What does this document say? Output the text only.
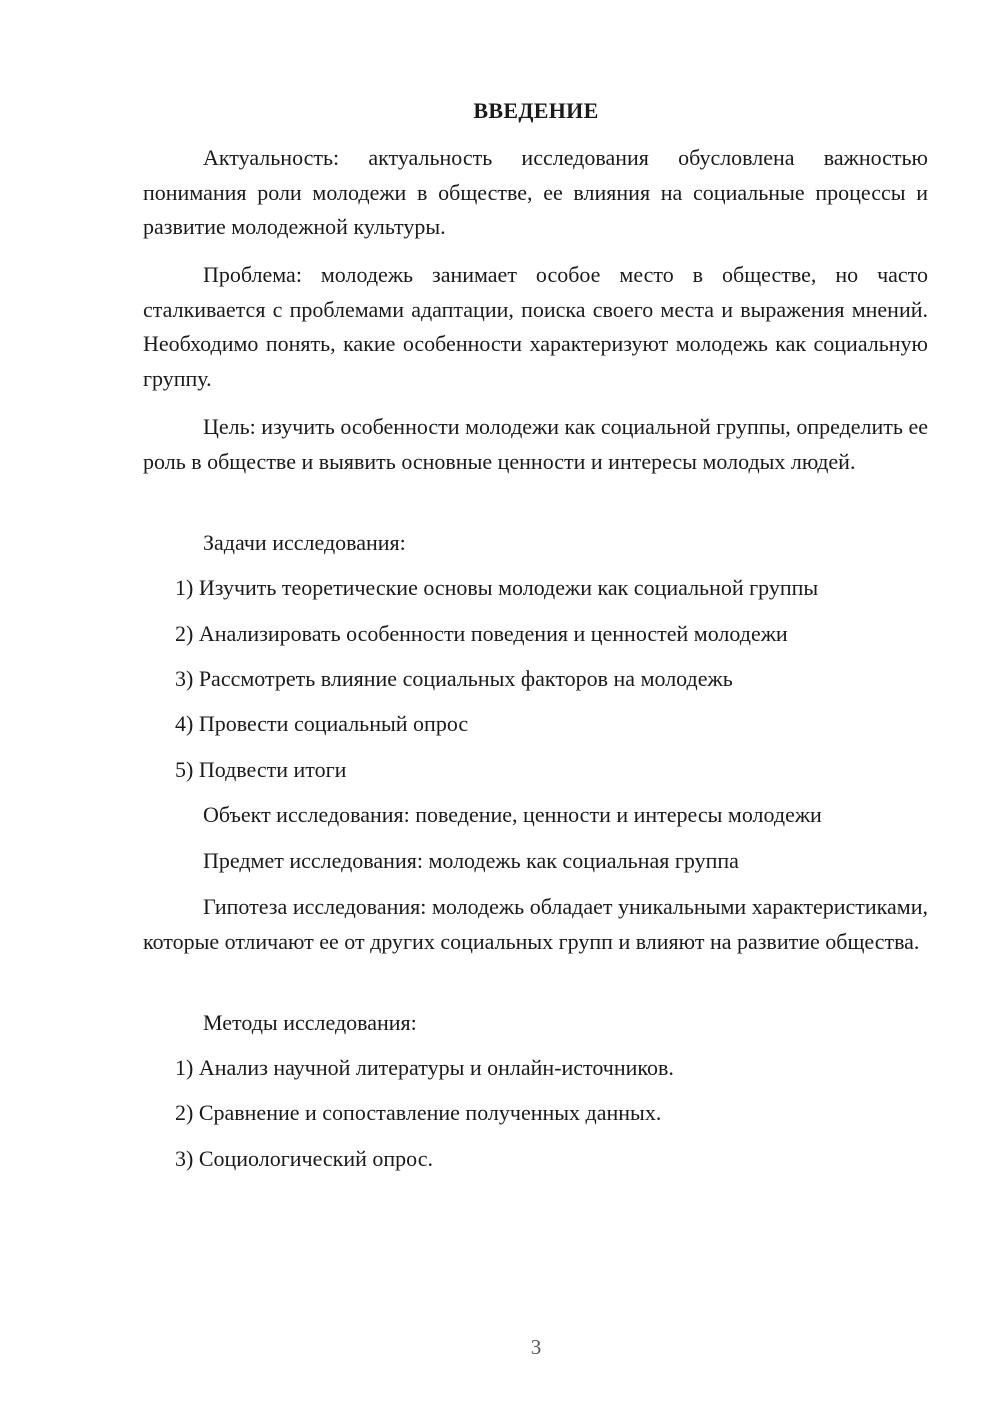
ВВЕДЕНИЕ

Актуальность: актуальность исследования обусловлена важностью понимания роли молодежи в обществе, ее влияния на социальные процессы и развитие молодежной культуры.

Проблема: молодежь занимает особое место в обществе, но часто сталкивается с проблемами адаптации, поиска своего места и выражения мнений. Необходимо понять, какие особенности характеризуют молодежь как социальную группу.

Цель: изучить особенности молодежи как социальной группы, определить ее роль в обществе и выявить основные ценности и интересы молодых людей.

Задачи исследования:

1) Изучить теоретические основы молодежи как социальной группы

2) Анализировать особенности поведения и ценностей молодежи

3) Рассмотреть влияние социальных факторов на молодежь

4) Провести социальный опрос

5) Подвести итоги

Объект исследования: поведение, ценности и интересы молодежи

Предмет исследования: молодежь как социальная группа

Гипотеза исследования: молодежь обладает уникальными характеристиками, которые отличают ее от других социальных групп и влияют на развитие общества.

Методы исследования:

1) Анализ научной литературы и онлайн-источников.

2) Сравнение и сопоставление полученных данных.

3) Социологический опрос.

3
